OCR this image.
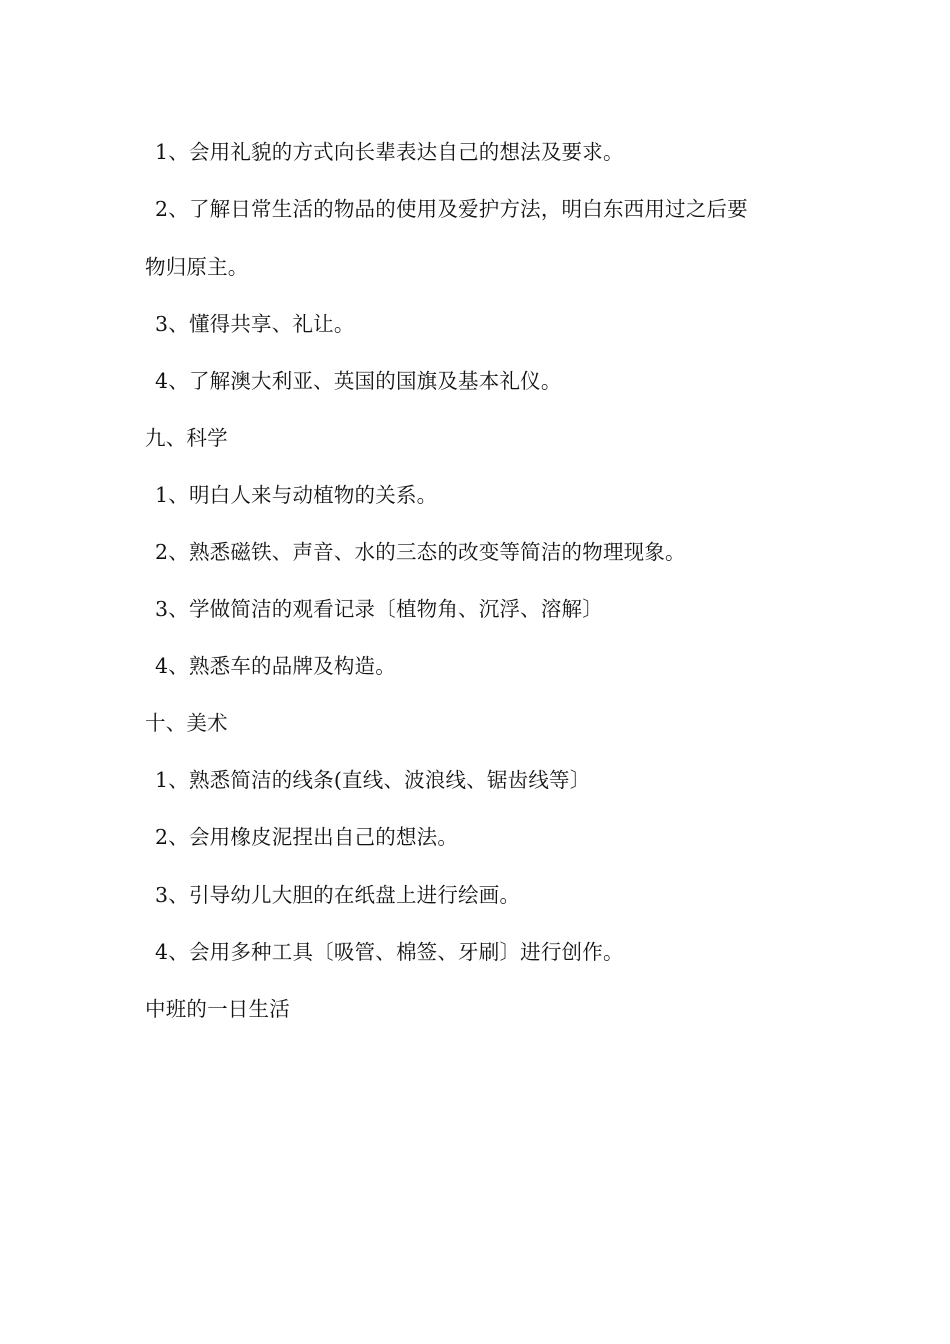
1、会用礼貌的方式向长辈表达自己的想法及要求。
2、了解日常生活的物品的使用及爱护方法，明白东西用过之后要
物归原主。
3、懂得共享、礼让。
4、了解澳大利亚、英国的国旗及基本礼仪。
九、科学
1、明白人来与动植物的关系。
2、熟悉磁铁、声音、水的三态的改变等简洁的物理现象。
3、学做简洁的观看记录〔植物角、沉浮、溶解〕
4、熟悉车的品牌及构造。
十、美术
1、熟悉简洁的线条(直线、波浪线、锯齿线等〕
2、会用橡皮泥捏出自己的想法。
3、引导幼儿大胆的在纸盘上进行绘画。
4、会用多种工具〔吸管、棉签、牙刷〕进行创作。
中班的一日生活
